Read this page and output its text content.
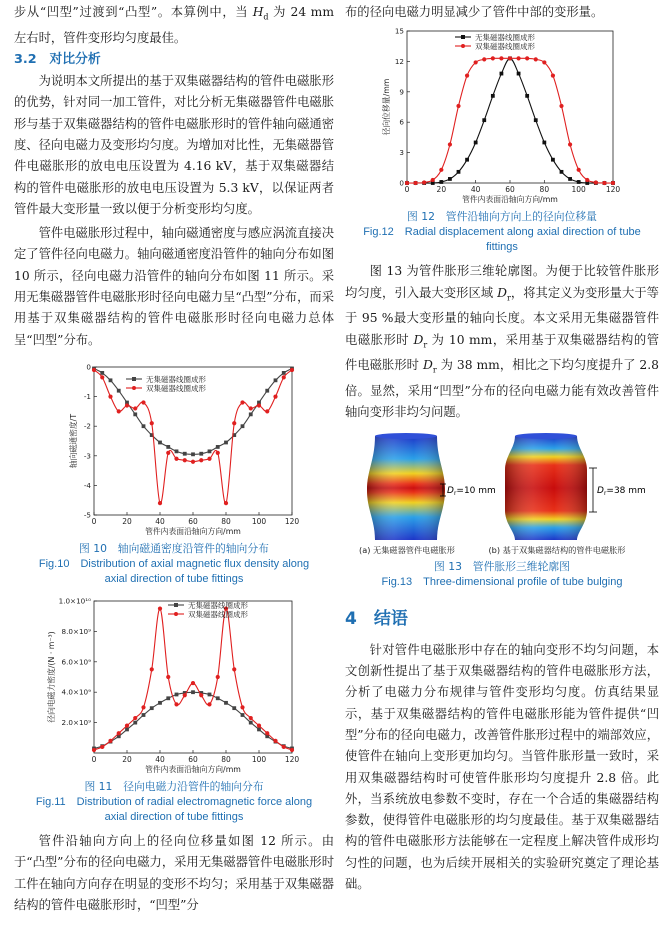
步从“凹型”过渡到“凸型”。本算例中，当 $H_d$ 为 24 mm 左右时，管件变形均匀度最佳。

3.2　对比分析

为说明本文所提出的基于双集磁器结构的管件电磁胀形的优势，针对同一加工管件，对比分析无集磁器管件电磁胀形与基于双集磁器结构的管件电磁胀形时的管件轴向磁通密度、径向电磁力及变形均匀度。为增加对比性，无集磁器管件电磁胀形的放电电压设置为 4.16 kV，基于双集磁器结构的管件电磁胀形的放电电压设置为 5.3 kV，以保证两者管件最大变形量一致以便于分析变形均匀度。

管件电磁胀形过程中，轴向磁通密度与感应涡流直接决定了管件径向电磁力。轴向磁通密度沿管件的轴向分布如图 10 所示，径向电磁力沿管件的轴向分布如图 11 所示。采用无集磁器管件电磁胀形时径向电磁力呈“凸型”分布，而采用基于双集磁器结构的管件电磁胀形时径向电磁力总体呈“凹型”分布。

0	20	40	60	80	100 120
0
-1
-2
-3
-4
-5
管件内表面沿轴向方向/mm
轴向磁通密度/T
无集磁器线圈成形
双集磁器线圈成形
图 10　轴向磁通密度沿管件的轴向分布
Fig.10　Distribution of axial magnetic flux density along
axial direction of tube fittings
0	20	40	60	80	100 120
2.0×10⁹
4.0×10⁹
6.0×10⁹
8.0×10⁹
1.0×10¹⁰
管件内表面沿轴向方向/mm
径向电磁力密度/(N · m⁻³)
无集磁器线圈成形
双集磁器线圈成形
图 11　径向电磁力沿管件的轴向分布
Fig.11　Distribution of radial electromagnetic force along
axial direction of tube fittings

管件沿轴向方向上的径向位移量如图 12 所示。由于“凸型”分布的径向电磁力，采用无集磁器管件电磁胀形时工件在轴向方向存在明显的变形不均匀；采用基于双集磁器结构的管件电磁胀形时，“凹型”分

布的径向电磁力明显减少了管件中部的变形量。

0	20	40	60	80	100	120
0
3
6
9
12
15
管件内表面沿轴向方向/mm
径向位移量/mm
无集磁器线圈成形
双集磁器线圈成形
图 12　管件沿轴向方向上的径向位移量
Fig.12　Radial displacement along axial direction of tube
fittings

图 13 为管件胀形三维轮廓图。为便于比较管件胀形均匀度，引入最大变形区域 $D_r$，将其定义为变形量大于等于 95 %最大变形量的轴向长度。本文采用无集磁器管件电磁胀形时 $D_r$ 为 10 mm，采用基于双集磁器结构的管件电磁胀形时 $D_r$ 为 38 mm，相比之下均匀度提升了 2.8 倍。显然，采用“凹型”分布的径向电磁力能有效改善管件轴向变形非均匀问题。

$D_r=10$ mm	$D_r=38$ mm
(a) 无集磁器管件电磁胀形	(b) 基于双集磁器结构的管件电磁胀形
图 13　管件胀形三维轮廓图
Fig.13　Three-dimensional profile of tube bulging
4　结语

针对管件电磁胀形中存在的轴向变形不均匀问题，本文创新性提出了基于双集磁器结构的管件电磁胀形方法，分析了电磁力分布规律与管件变形均匀度。仿真结果显示，基于双集磁器结构的管件电磁胀形能为管件提供“凹型”分布的径向电磁力，改善管件胀形过程中的端部效应，使管件在轴向上变形更加均匀。当管件胀形量一致时，采用双集磁器结构时可使管件胀形均匀度提升 2.8 倍。此外，当系统放电参数不变时，存在一个合适的集磁器结构参数，使得管件电磁胀形的均匀度最佳。基于双集磁器结构的管件电磁胀形方法能够在一定程度上解决管件成形均匀性的问题，也为后续开展相关的实验研究奠定了理论基础。
